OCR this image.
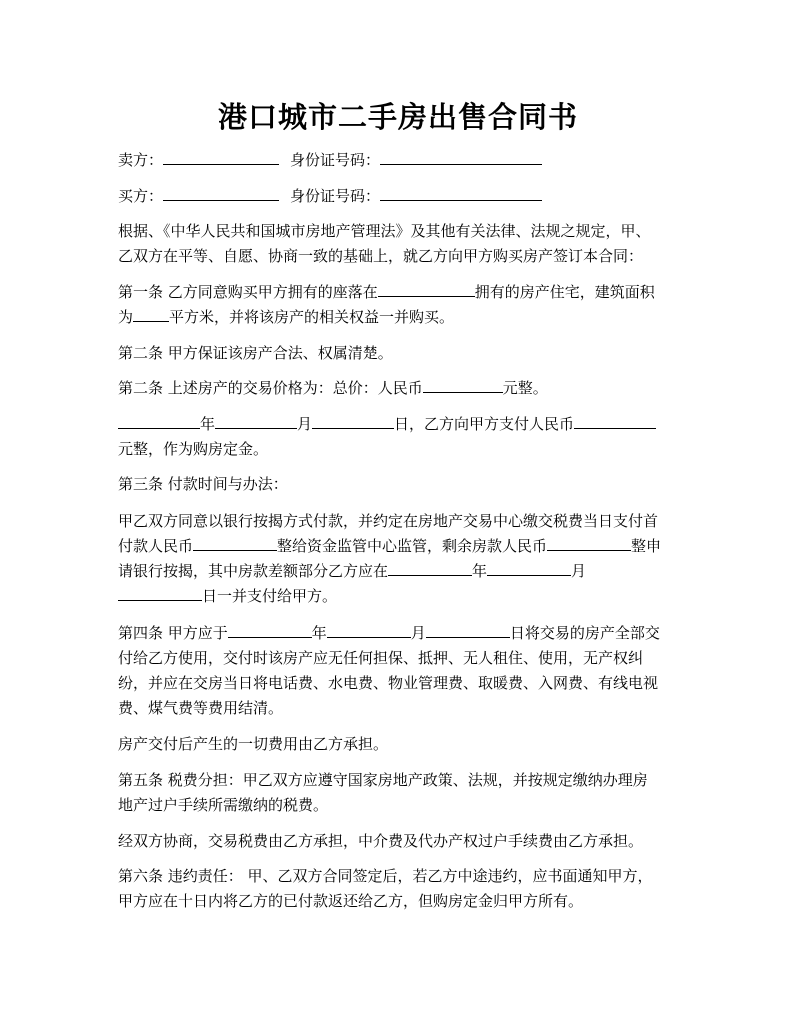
港口城市二手房出售合同书
卖方：	身份证号码：
买方：	身份证号码：
根据、《中华人民共和国城市房地产管理法》及其他有关法律、法规之规定，甲、
乙双方在平等、自愿、协商一致的基础上，就乙方向甲方购买房产签订本合同：
第一条 乙方同意购买甲方拥有的座落在	拥有的房产住宅，建筑面积
为 平方米，并将该房产的相关权益一并购买。
第二条 甲方保证该房产合法、权属清楚。
第二条 上述房产的交易价格为：总价：人民币	元整。
年	月	日，乙方向甲方支付人民币
元整，作为购房定金。
第三条 付款时间与办法：
甲乙双方同意以银行按揭方式付款，并约定在房地产交易中心缴交税费当日支付首
付款人民币	整给资金监管中心监管，剩余房款人民币	整申
请银行按揭，其中房款差额部分乙方应在	年	月
日一并支付给甲方。
第四条 甲方应于	年	月	日将交易的房产全部交
付给乙方使用，交付时该房产应无任何担保、抵押、无人租住、使用，无产权纠
纷，并应在交房当日将电话费、水电费、物业管理费、取暖费、入网费、有线电视
费、煤气费等费用结清。
房产交付后产生的一切费用由乙方承担。
第五条 税费分担：甲乙双方应遵守国家房地产政策、法规，并按规定缴纳办理房
地产过户手续所需缴纳的税费。
经双方协商，交易税费由乙方承担，中介费及代办产权过户手续费由乙方承担。
第六条 违约责任： 甲、乙双方合同签定后，若乙方中途违约，应书面通知甲方，
甲方应在十日内将乙方的已付款返还给乙方，但购房定金归甲方所有。
